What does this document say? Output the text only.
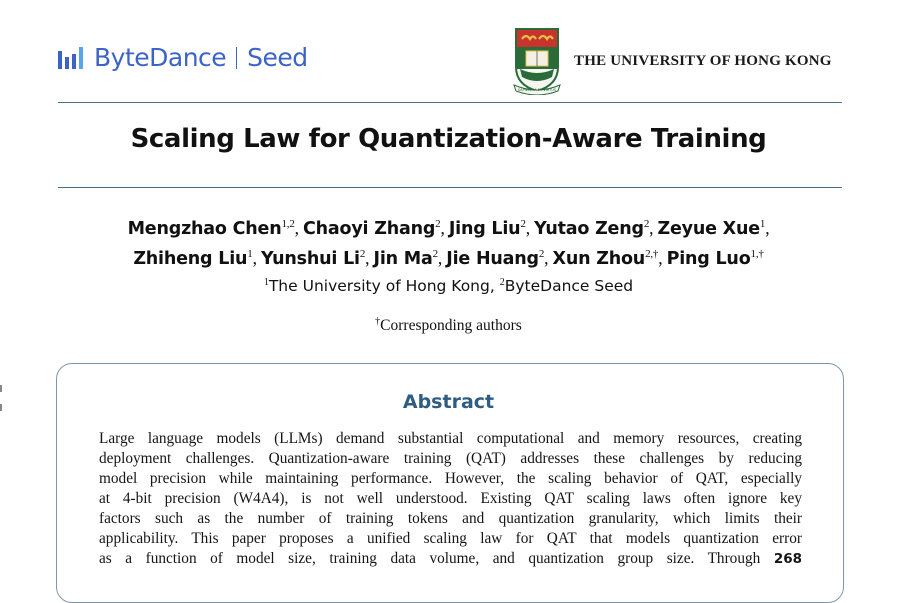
ByteDance Seed
SAPIENTIA ET VIRTUS
THE UNIVERSITY OF HONG KONG
Scaling Law for Quantization-Aware Training
Mengzhao Chen$^{1,2}$, Chaoyi Zhang$^2$, Jing Liu$^2$, Yutao Zeng$^2$, Zeyue Xue$^1$,
Zhiheng Liu$^1$, Yunshui Li$^2$, Jin Ma$^2$, Jie Huang$^2$, Xun Zhou$^{2,\dagger}$, Ping Luo$^{1,\dagger}$
$^1$The University of Hong Kong, $^2$ByteDance Seed
†Corresponding authors
Abstract
Large language models (LLMs) demand substantial computational and memory resources, creating
deployment challenges. Quantization-aware training (QAT) addresses these challenges by reducing
model precision while maintaining performance. However, the scaling behavior of QAT, especially
at 4-bit precision (W4A4), is not well understood. Existing QAT scaling laws often ignore key
factors such as the number of training tokens and quantization granularity, which limits their
applicability. This paper proposes a unified scaling law for QAT that models quantization error
as a function of model size, training data volume, and quantization group size. Through 268
